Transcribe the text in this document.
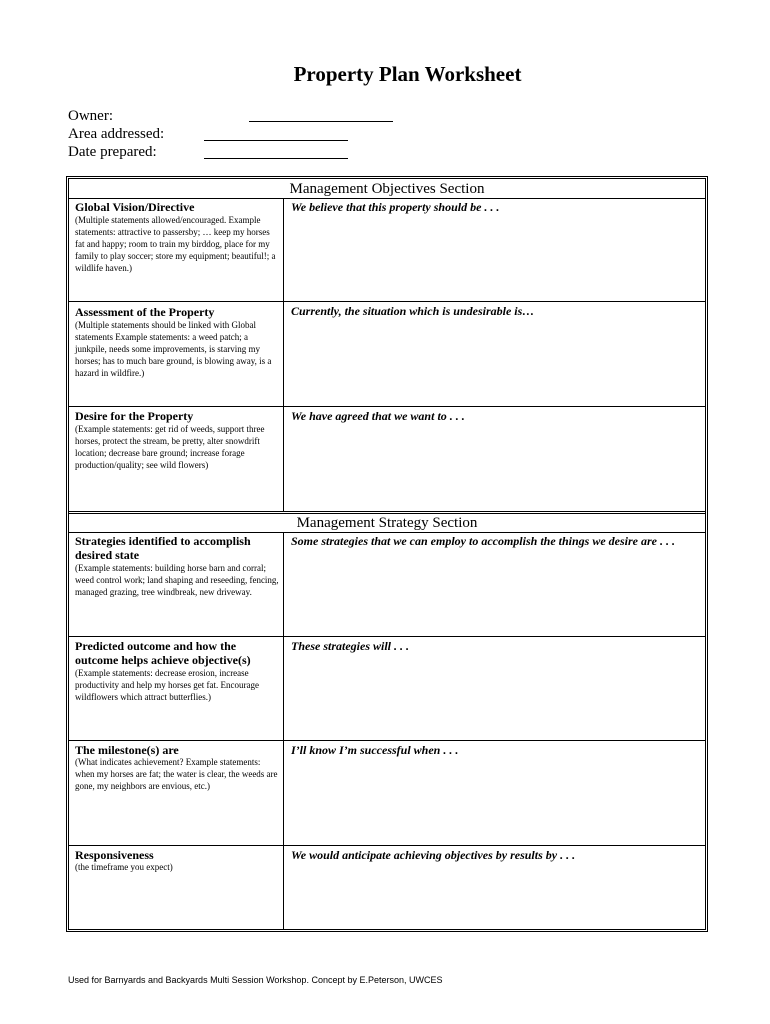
Property Plan Worksheet
Owner:
Area addressed:
Date prepared:
Management Objectives Section
Global Vision/Directive
(Multiple statements allowed/encouraged. Example statements: attractive to passersby; … keep my horses fat and happy; room to train my birddog, place for my family to play soccer; store my equipment; beautiful!; a wildlife haven.)
We believe that this property should be . . .
Assessment of the Property
(Multiple statements should be linked with Global statements Example statements: a weed patch; a junkpile, needs some improvements, is starving my horses; has to much bare ground, is blowing away, is a hazard in wildfire.)
Currently, the situation which is undesirable is…
Desire for the Property
(Example statements: get rid of weeds, support three horses, protect the stream, be pretty, alter snowdrift location; decrease bare ground; increase forage production/quality; see wild flowers)
We have agreed that we want to . . .
Management Strategy Section
Strategies identified to accomplish desired state
(Example statements: building horse barn and corral; weed control work; land shaping and reseeding, fencing, managed grazing, tree windbreak, new driveway.
Some strategies that we can employ to accomplish the things we desire are . . .
Predicted outcome and how the outcome helps achieve objective(s)
(Example statements: decrease erosion, increase productivity and help my horses get fat. Encourage wildflowers which attract butterflies.)
These strategies will . . .
The milestone(s) are
(What indicates achievement? Example statements: when my horses are fat; the water is clear, the weeds are gone, my neighbors are envious, etc.)
I’ll know I’m successful when . . .
Responsiveness
(the timeframe you expect)
We would anticipate achieving objectives by results by . . .
Used for Barnyards and Backyards Multi Session Workshop. Concept by E.Peterson, UWCES
